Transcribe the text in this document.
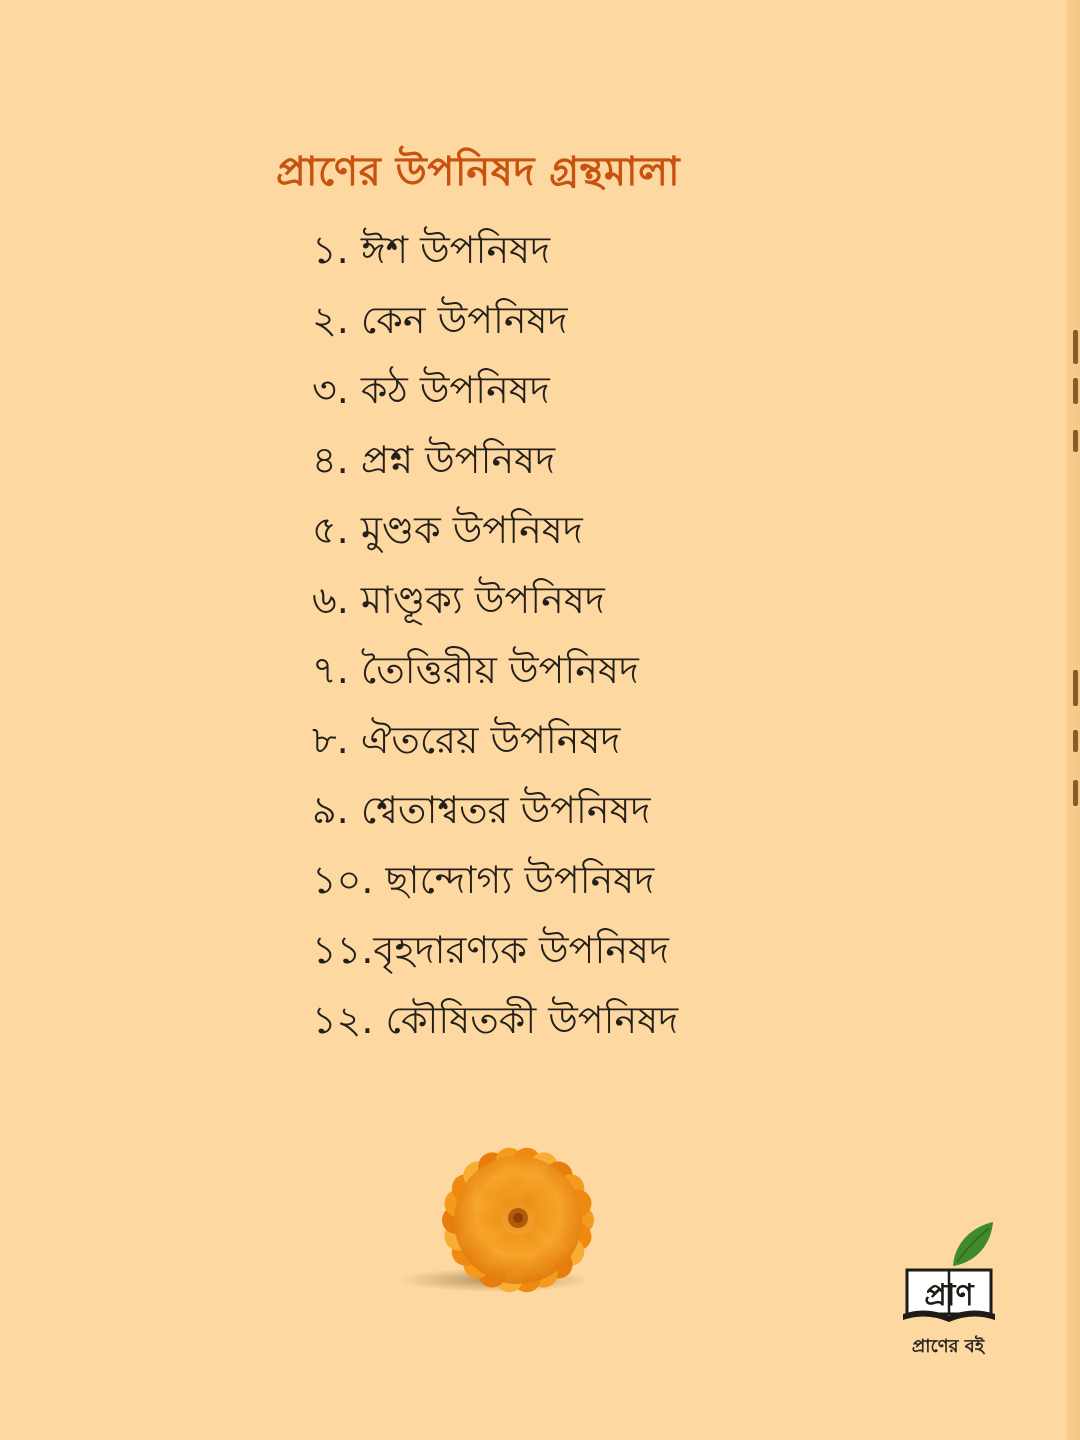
প্রাণের উপনিষদ গ্রন্থমালা
১. ঈশ উপনিষদ
২. কেন উপনিষদ
৩. কঠ উপনিষদ
৪. প্রশ্ন উপনিষদ
৫. মুণ্ডক উপনিষদ
৬. মাণ্ডূক্য উপনিষদ
৭. তৈত্তিরীয় উপনিষদ
৮. ঐতরেয় উপনিষদ
৯. শ্বেতাশ্বতর উপনিষদ
১০. ছান্দোগ্য উপনিষদ
১১.বৃহদারণ্যক উপনিষদ
১২. কৌষিতকী উপনিষদ
প্রাণ
প্রাণের বই
